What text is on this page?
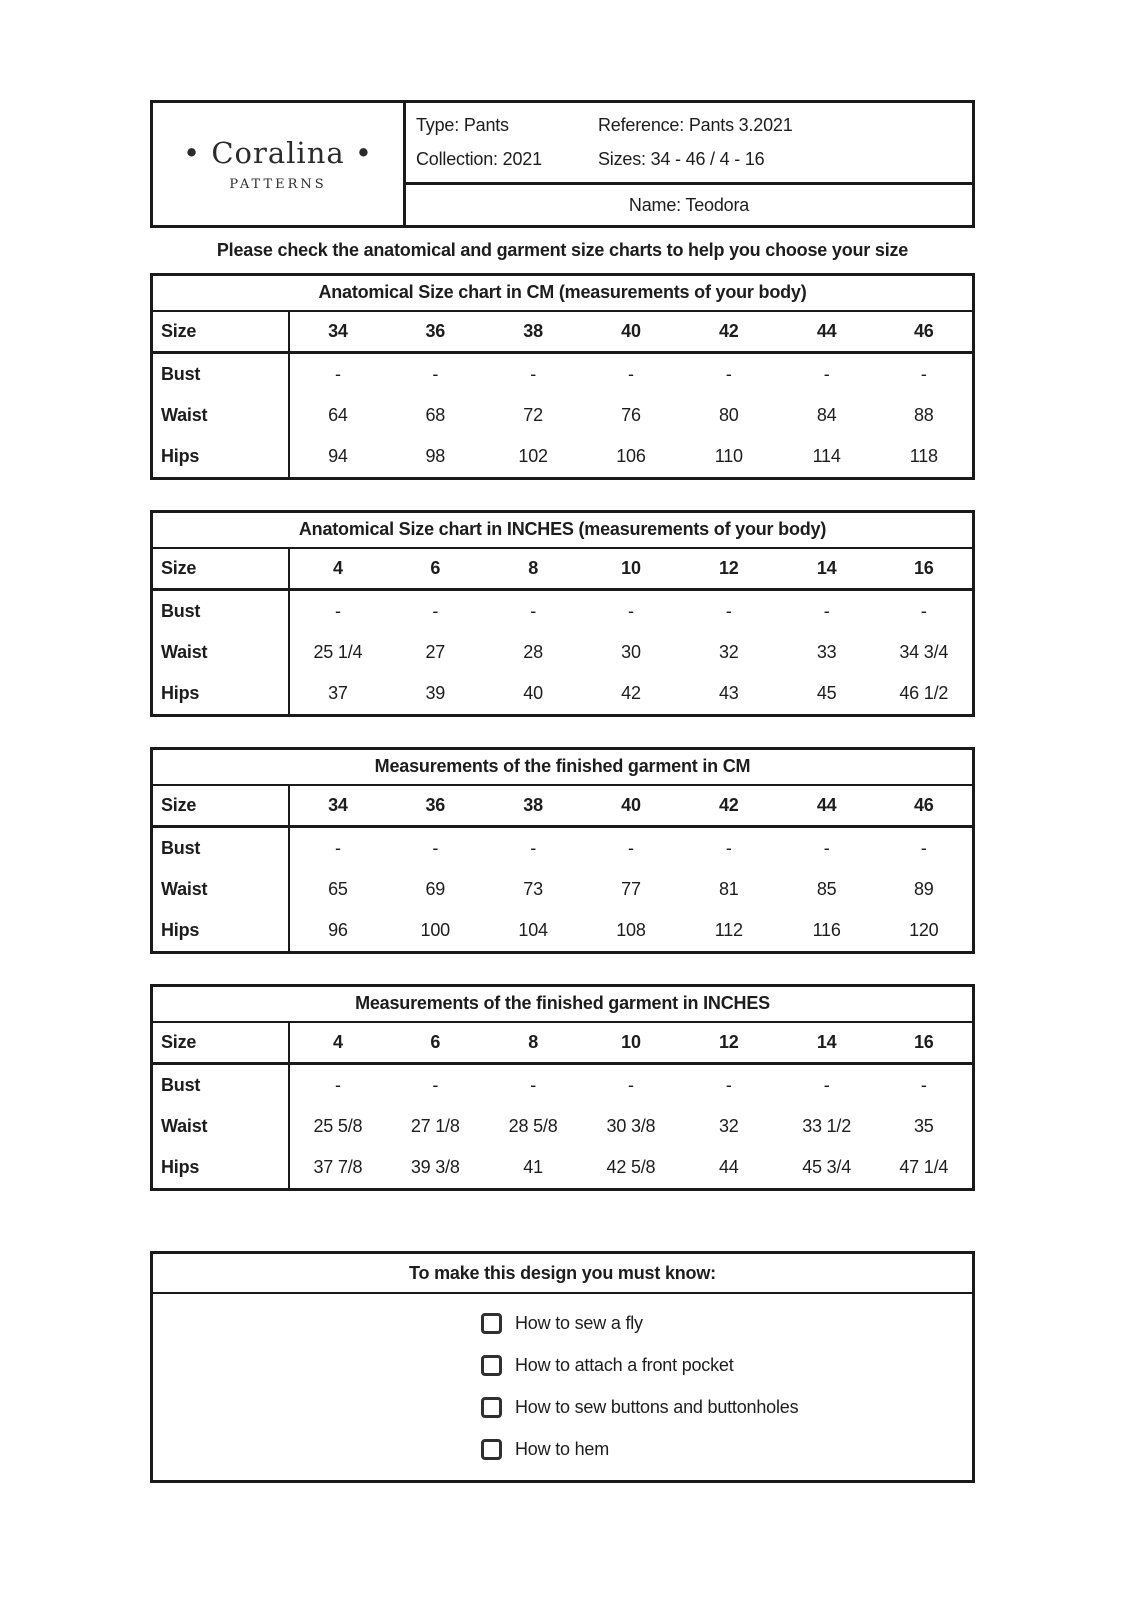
• Coralina •
PATTERNS
Type: Pants	Reference: Pants 3.2021
Collection: 2021	Sizes: 34 - 46 / 4 - 16
Name: Teodora
Please check the anatomical and garment size charts to help you choose your size
Anatomical Size chart in CM (measurements of your body)							
Size	34	36	38	40	42	44	46
Bust	-	-	-	-	-	-	-
Waist	64	68	72	76	80	84	88
Hips	94	98	102	106	110	114	118
Anatomical Size chart in INCHES (measurements of your body)							
Size	4	6	8	10	12	14	16
Bust	-	-	-	-	-	-	-
Waist	25 1/4	27	28	30	32	33	34 3/4
Hips	37	39	40	42	43	45	46 1/2
Measurements of the finished garment in CM							
Size	34	36	38	40	42	44	46
Bust	-	-	-	-	-	-	-
Waist	65	69	73	77	81	85	89
Hips	96	100	104	108	112	116	120
Measurements of the finished garment in INCHES							
Size	4	6	8	10	12	14	16
Bust	-	-	-	-	-	-	-
Waist	25 5/8	27 1/8	28 5/8	30 3/8	32	33 1/2	35
Hips	37 7/8	39 3/8	41	42 5/8	44	45 3/4	47 1/4
To make this design you must know:
How to sew a fly
How to attach a front pocket
How to sew buttons and buttonholes
How to hem
